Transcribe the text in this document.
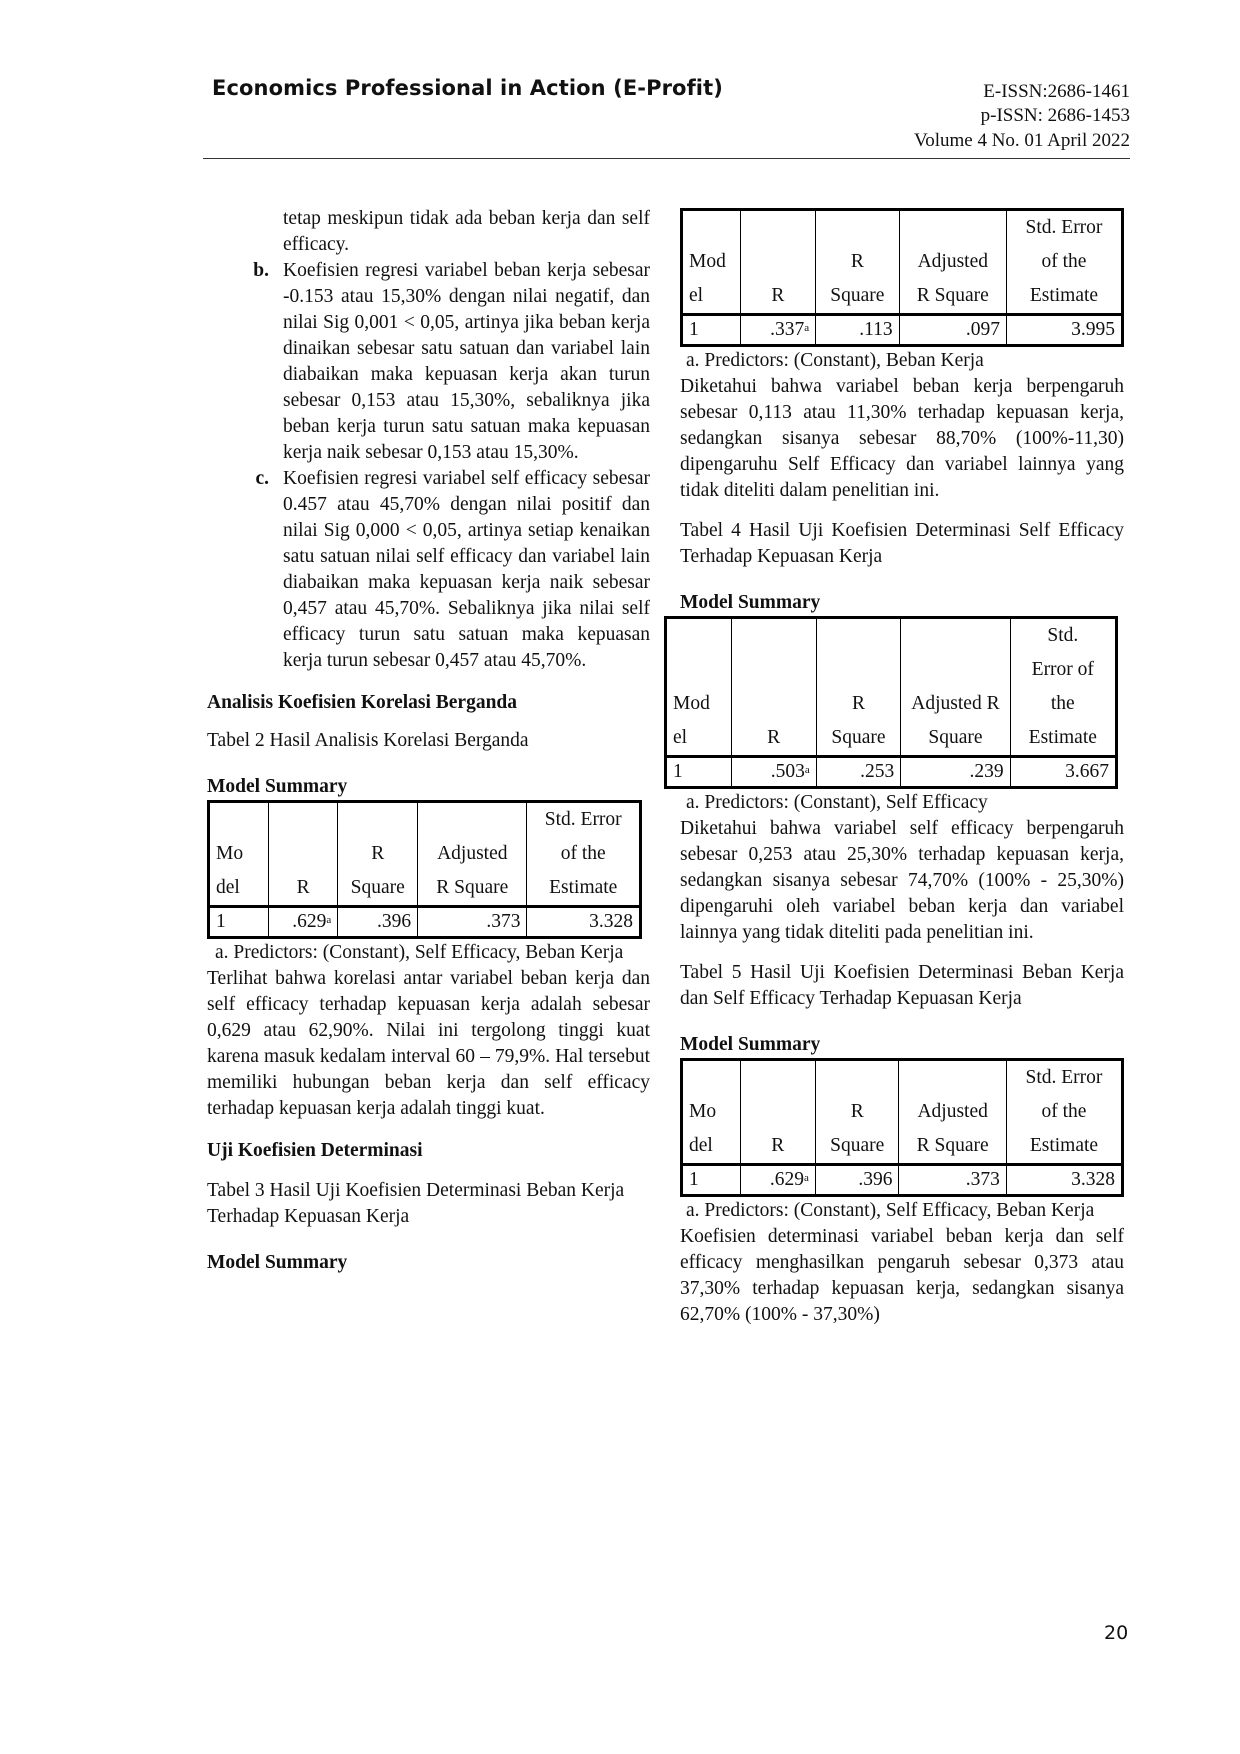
Economics Professional in Action (E-Profit)	E-ISSN:2686-1461
p-ISSN: 2686-1453
Volume 4 No. 01 April 2022

tetap meskipun tidak ada beban kerja dan self efficacy.

b. Koefisien regresi variabel beban kerja sebesar -0.153 atau 15,30% dengan nilai negatif, dan nilai Sig 0,001 < 0,05, artinya jika beban kerja dinaikan sebesar satu satuan dan variabel lain diabaikan maka kepuasan kerja akan turun sebesar 0,153 atau 15,30%, sebaliknya jika beban kerja turun satu satuan maka kepuasan kerja naik sebesar 0,153 atau 15,30%.
c. Koefisien regresi variabel self efficacy sebesar 0.457 atau 45,70% dengan nilai positif dan nilai Sig 0,000 < 0,05, artinya setiap kenaikan satu satuan nilai self efficacy dan variabel lain diabaikan maka kepuasan kerja naik sebesar 0,457 atau 45,70%. Sebaliknya jika nilai self efficacy turun satu satuan maka kepuasan kerja turun sebesar 0,457 atau 45,70%.

Analisis Koefisien Korelasi Berganda

Tabel 2 Hasil Analisis Korelasi Berganda

Model Summary

				Std. Error
Mo		R	Adjusted	of the
del	R	Square	R Square	Estimate
1	.629$^a$	.396	.373	3.328

a. Predictors: (Constant), Self Efficacy, Beban Kerja

Terlihat bahwa korelasi antar variabel beban kerja dan self efficacy terhadap kepuasan kerja adalah sebesar 0,629 atau 62,90%. Nilai ini tergolong tinggi kuat karena masuk kedalam interval 60 – 79,9%. Hal tersebut memiliki hubungan beban kerja dan self efficacy terhadap kepuasan kerja adalah tinggi kuat.

Uji Koefisien Determinasi

Tabel 3 Hasil Uji Koefisien Determinasi Beban Kerja Terhadap Kepuasan Kerja

Model Summary

				Std. Error
Mod		R	Adjusted	of the
el	R	Square	R Square	Estimate
1	.337$^a$	.113	.097	3.995

a. Predictors: (Constant), Beban Kerja

Diketahui bahwa variabel beban kerja berpengaruh sebesar 0,113 atau 11,30% terhadap kepuasan kerja, sedangkan sisanya sebesar 88,70% (100%-11,30) dipengaruhu Self Efficacy dan variabel lainnya yang tidak diteliti dalam penelitian ini.

Tabel 4 Hasil Uji Koefisien Determinasi Self Efficacy Terhadap Kepuasan Kerja

Model Summary

				Std.
				Error of
Mod		R	Adjusted R	the
el	R	Square	Square	Estimate
1	.503$^a$	.253	.239	3.667

a. Predictors: (Constant), Self Efficacy

Diketahui bahwa variabel self efficacy berpengaruh sebesar 0,253 atau 25,30% terhadap kepuasan kerja, sedangkan sisanya sebesar 74,70% (100% - 25,30%) dipengaruhi oleh variabel beban kerja dan variabel lainnya yang tidak diteliti pada penelitian ini.

Tabel 5 Hasil Uji Koefisien Determinasi Beban Kerja dan Self Efficacy Terhadap Kepuasan Kerja

Model Summary

				Std. Error
Mo		R	Adjusted	of the
del	R	Square	R Square	Estimate
1	.629$^a$	.396	.373	3.328

a. Predictors: (Constant), Self Efficacy, Beban Kerja

Koefisien determinasi variabel beban kerja dan self efficacy menghasilkan pengaruh sebesar 0,373 atau 37,30% terhadap kepuasan kerja, sedangkan sisanya 62,70% (100% - 37,30%)

20
